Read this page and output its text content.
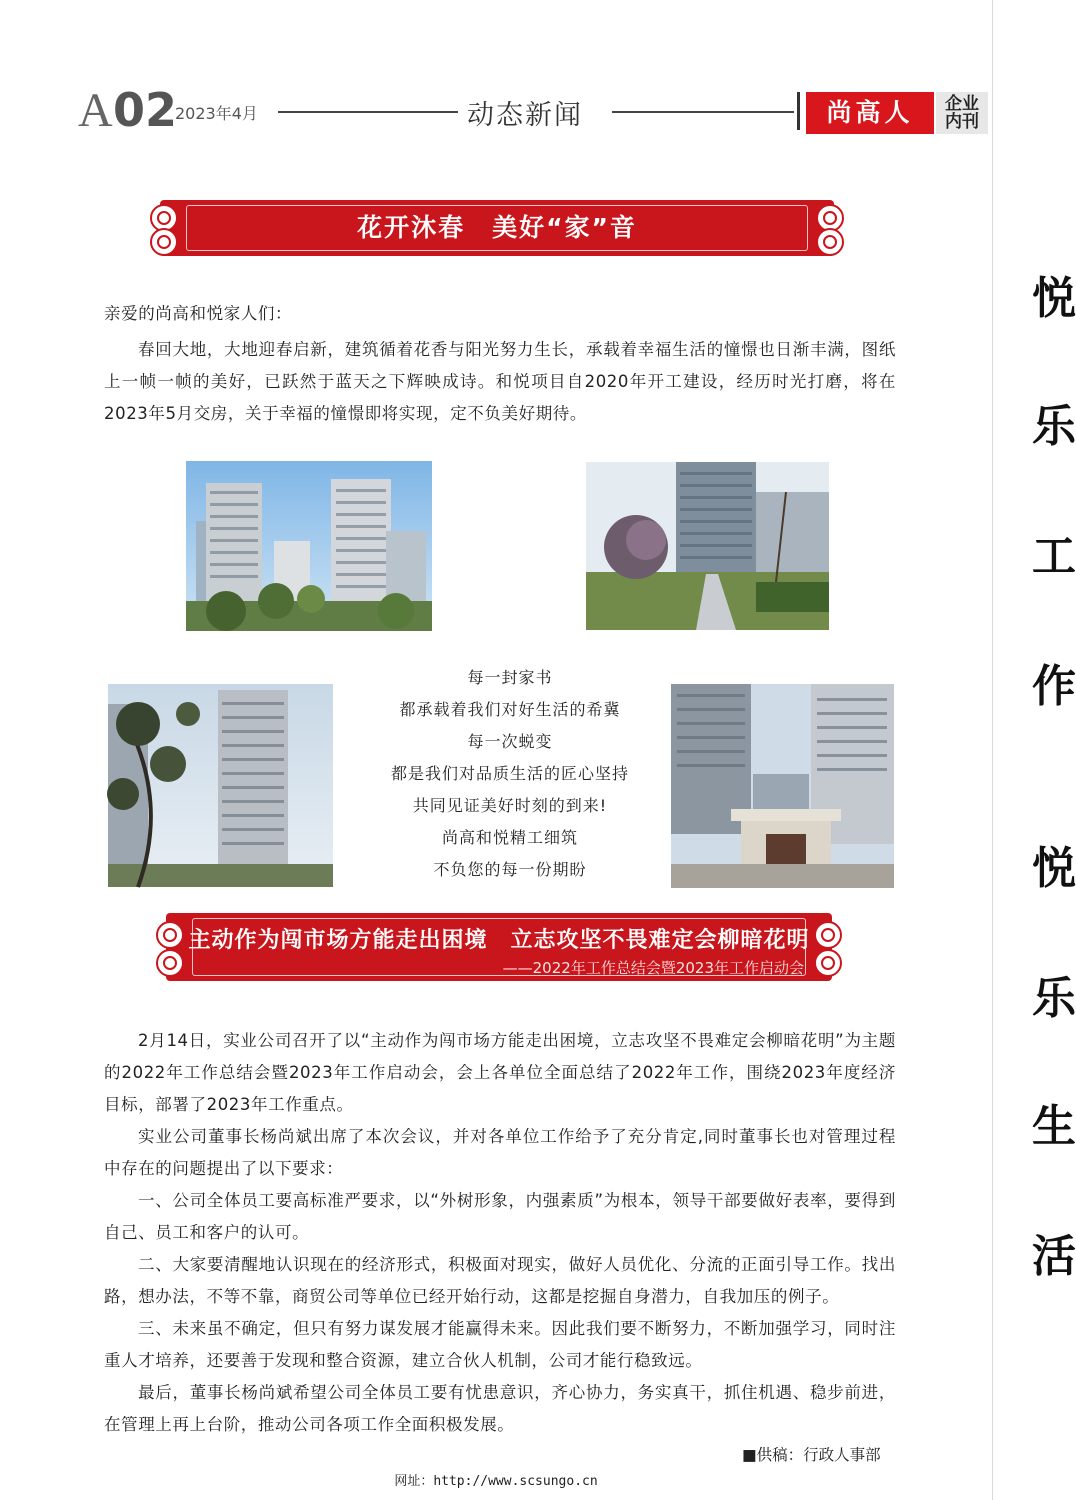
悦
乐
工
作
悦
乐
生
活
A 02
2023年4月	动态新闻	尚高人	企业
内刊
花开沐春　美好“家”音
亲爱的尚高和悦家人们：
春回大地，大地迎春启新，建筑循着花香与阳光努力生长，承载着幸福生活的憧憬也日渐丰满，图纸上一帧一帧的美好，已跃然于蓝天之下辉映成诗。和悦项目自2020年开工建设，经历时光打磨，将在2023年5月交房，关于幸福的憧憬即将实现，定不负美好期待。
每一封家书
都承载着我们对好生活的希冀
每一次蜕变
都是我们对品质生活的匠心坚持
共同见证美好时刻的到来!
尚高和悦精工细筑
不负您的每一份期盼
主动作为闯市场方能走出困境　立志攻坚不畏难定会柳暗花明
——2022年工作总结会暨2023年工作启动会

2月14日，实业公司召开了以“主动作为闯市场方能走出困境，立志攻坚不畏难定会柳暗花明”为主题的2022年工作总结会暨2023年工作启动会，会上各单位全面总结了2022年工作，围绕2023年度经济目标，部署了2023年工作重点。

实业公司董事长杨尚斌出席了本次会议，并对各单位工作给予了充分肯定,同时董事长也对管理过程中存在的问题提出了以下要求：

一、公司全体员工要高标准严要求，以“外树形象，内强素质”为根本，领导干部要做好表率，要得到自己、员工和客户的认可。

二、大家要清醒地认识现在的经济形式，积极面对现实，做好人员优化、分流的正面引导工作。找出路，想办法，不等不靠，商贸公司等单位已经开始行动，这都是挖掘自身潜力，自我加压的例子。

三、未来虽不确定，但只有努力谋发展才能赢得未来。因此我们要不断努力，不断加强学习，同时注重人才培养，还要善于发现和整合资源，建立合伙人机制，公司才能行稳致远。

最后，董事长杨尚斌希望公司全体员工要有忧患意识，齐心协力，务实真干，抓住机遇、稳步前进，在管理上再上台阶，推动公司各项工作全面积极发展。

■供稿：行政人事部
网址：http://www.scsungo.cn
